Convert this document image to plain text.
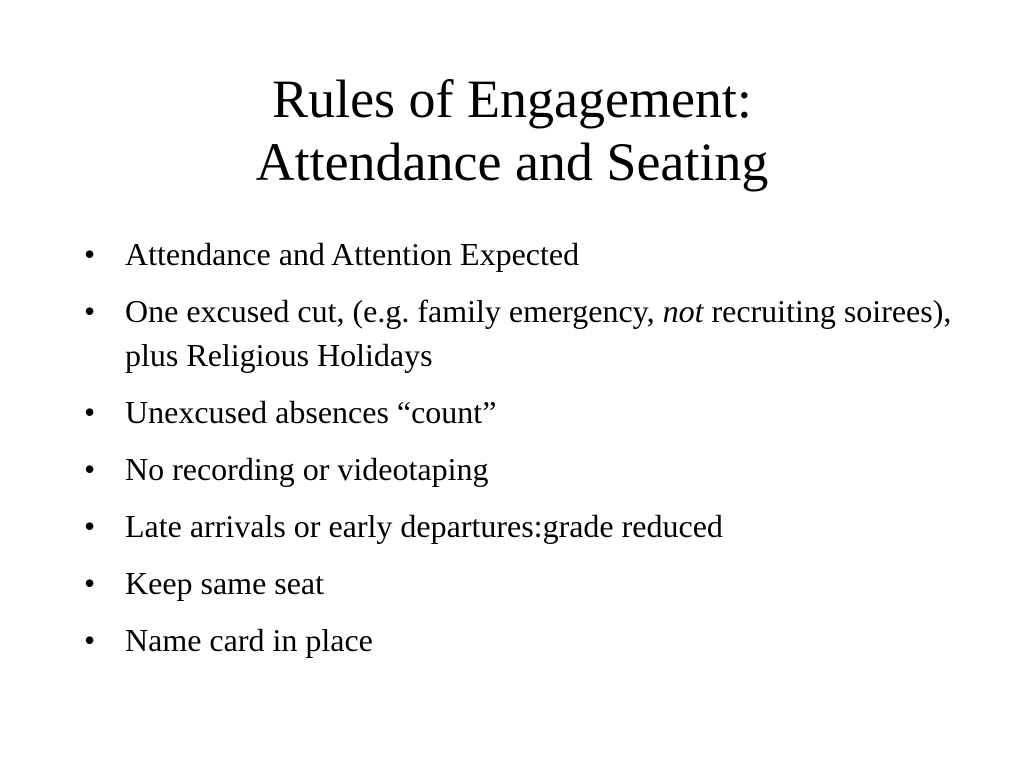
Rules of Engagement:
Attendance and Seating
• Attendance and Attention Expected
• One excused cut, (e.g. family emergency, not recruiting soirees), plus Religious Holidays
• Unexcused absences “count”
• No recording or videotaping
• Late arrivals or early departures:grade reduced
• Keep same seat
• Name card in place
